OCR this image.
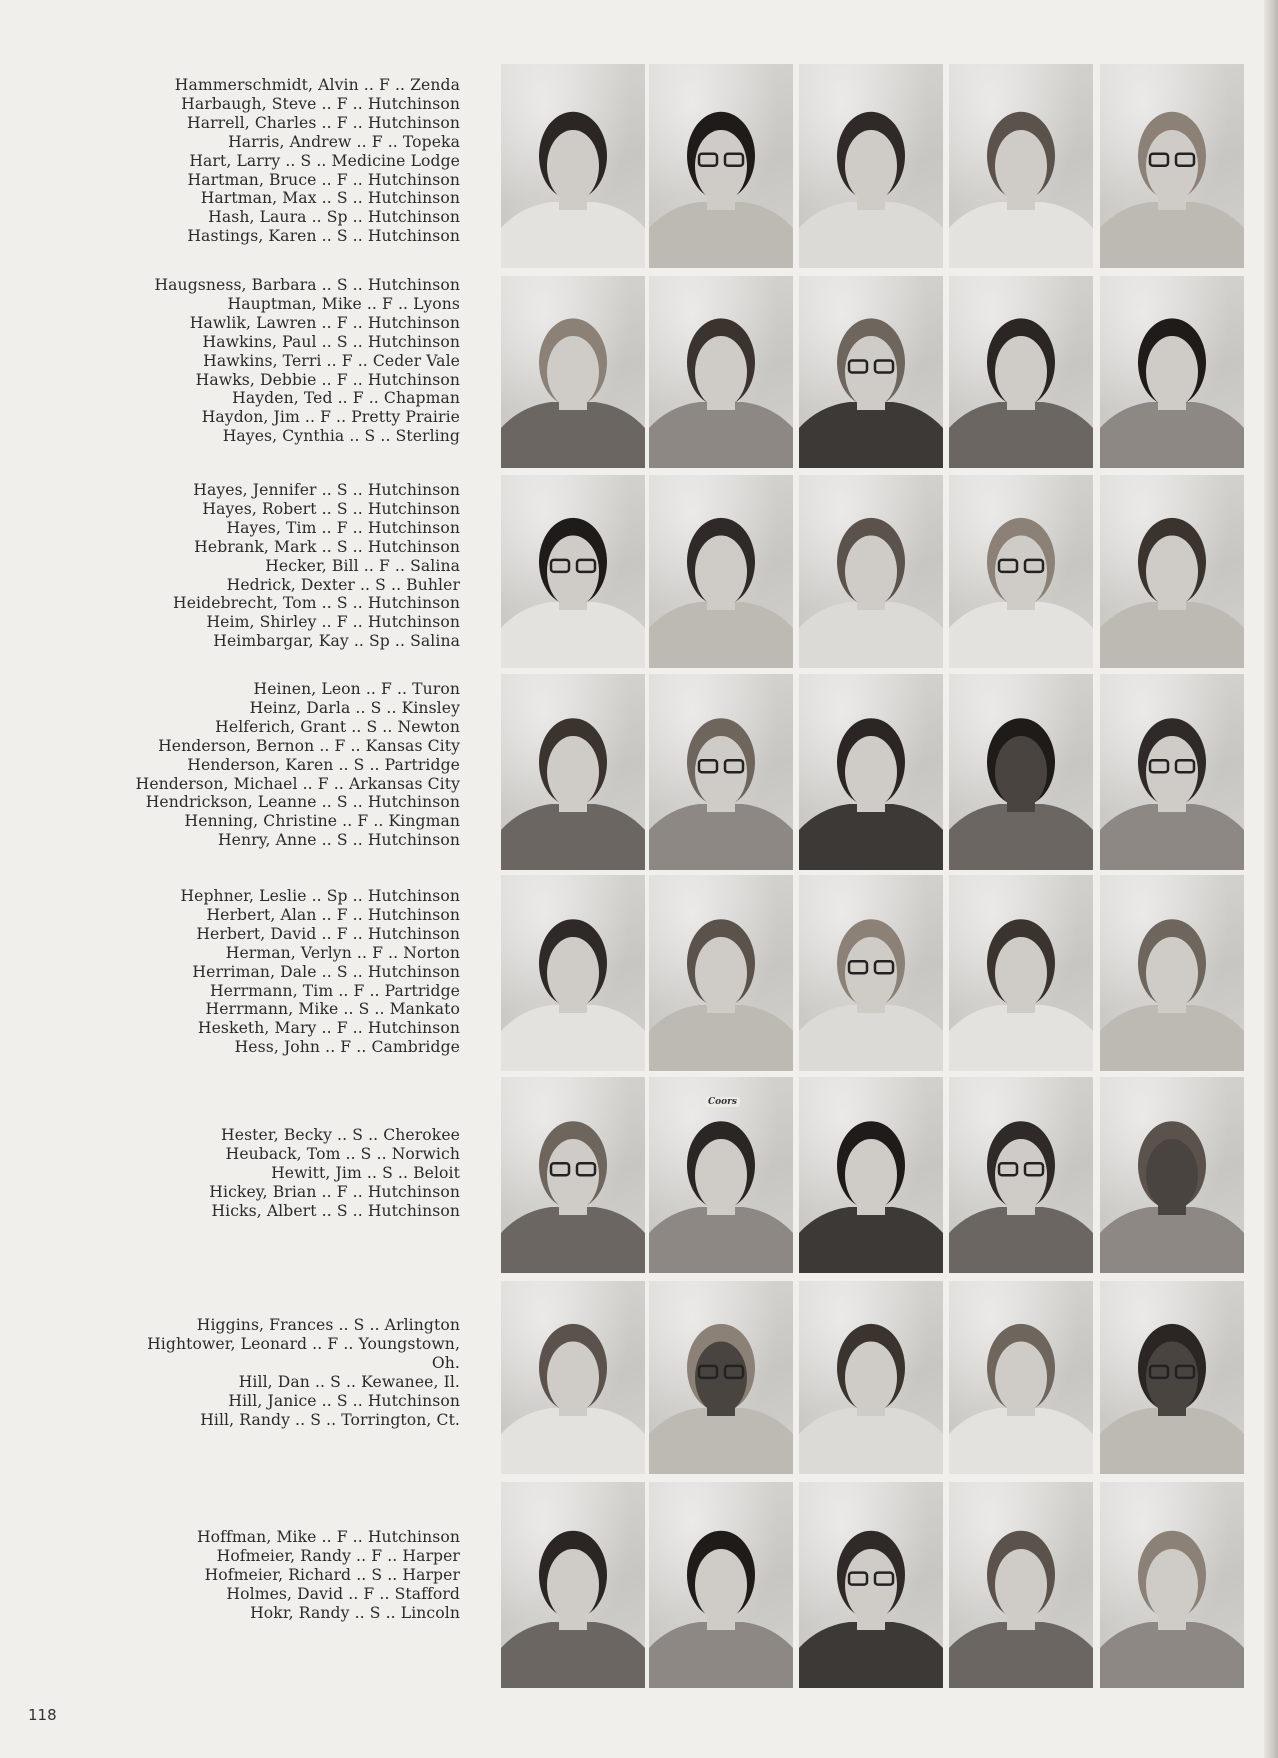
Hammerschmidt, Alvin .. F .. Zenda
Harbaugh, Steve .. F .. Hutchinson
Harrell, Charles .. F .. Hutchinson
Harris, Andrew .. F .. Topeka
Hart, Larry .. S .. Medicine Lodge
Hartman, Bruce .. F .. Hutchinson
Hartman, Max .. S .. Hutchinson
Hash, Laura .. Sp .. Hutchinson
Hastings, Karen .. S .. Hutchinson
Haugsness, Barbara .. S .. Hutchinson
Hauptman, Mike .. F .. Lyons
Hawlik, Lawren .. F .. Hutchinson
Hawkins, Paul .. S .. Hutchinson
Hawkins, Terri .. F .. Ceder Vale
Hawks, Debbie .. F .. Hutchinson
Hayden, Ted .. F .. Chapman
Haydon, Jim .. F .. Pretty Prairie
Hayes, Cynthia .. S .. Sterling
Hayes, Jennifer .. S .. Hutchinson
Hayes, Robert .. S .. Hutchinson
Hayes, Tim .. F .. Hutchinson
Hebrank, Mark .. S .. Hutchinson
Hecker, Bill .. F .. Salina
Hedrick, Dexter .. S .. Buhler
Heidebrecht, Tom .. S .. Hutchinson
Heim, Shirley .. F .. Hutchinson
Heimbargar, Kay .. Sp .. Salina
Heinen, Leon .. F .. Turon
Heinz, Darla .. S .. Kinsley
Helferich, Grant .. S .. Newton
Henderson, Bernon .. F .. Kansas City
Henderson, Karen .. S .. Partridge
Henderson, Michael .. F .. Arkansas City
Hendrickson, Leanne .. S .. Hutchinson
Henning, Christine .. F .. Kingman
Henry, Anne .. S .. Hutchinson
Hephner, Leslie .. Sp .. Hutchinson
Herbert, Alan .. F .. Hutchinson
Herbert, David .. F .. Hutchinson
Herman, Verlyn .. F .. Norton
Herriman, Dale .. S .. Hutchinson
Herrmann, Tim .. F .. Partridge
Herrmann, Mike .. S .. Mankato
Hesketh, Mary .. F .. Hutchinson
Hess, John .. F .. Cambridge
Hester, Becky .. S .. Cherokee
Heuback, Tom .. S .. Norwich
Hewitt, Jim .. S .. Beloit
Hickey, Brian .. F .. Hutchinson
Hicks, Albert .. S .. Hutchinson
Higgins, Frances .. S .. Arlington
Hightower, Leonard .. F .. Youngstown,
Oh.
Hill, Dan .. S .. Kewanee, Il.
Hill, Janice .. S .. Hutchinson
Hill, Randy .. S .. Torrington, Ct.
Hoffman, Mike .. F .. Hutchinson
Hofmeier, Randy .. F .. Harper
Hofmeier, Richard .. S .. Harper
Holmes, David .. F .. Stafford
Hokr, Randy .. S .. Lincoln
Coors
118
